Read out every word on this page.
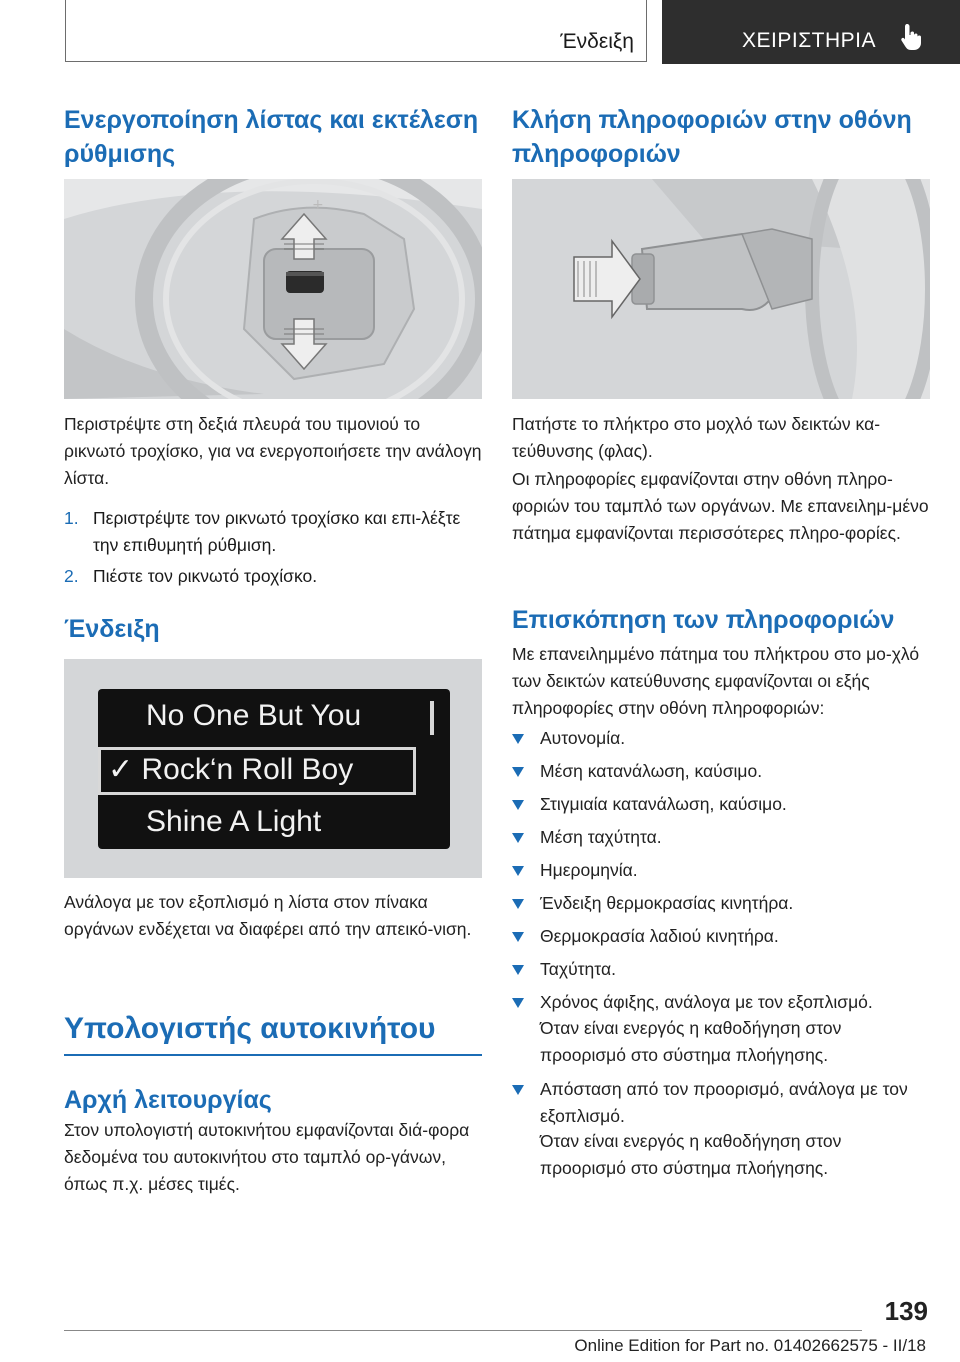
Ένδειξη	ΧΕΙΡΙΣΤΗΡΙΑ
Ενεργοποίηση λίστας και εκτέλεση ρύθμισης
+

Περιστρέψτε στη δεξιά πλευρά του τιμονιού το ρικνωτό τροχίσκο, για να ενεργοποιήσετε την ανάλογη λίστα.

1. Περιστρέψτε τον ρικνωτό τροχίσκο και επι‐λέξτε την επιθυμητή ρύθμιση.
2. Πιέστε τον ρικνωτό τροχίσκο.
Ένδειξη
No One But You
✓ Rock‘n Roll Boy
Shine A Light

Ανάλογα με τον εξοπλισμό η λίστα στον πίνακα οργάνων ενδέχεται να διαφέρει από την απεικό‐νιση.

Υπολογιστής αυτοκινήτου
Αρχή λειτουργίας

Στον υπολογιστή αυτοκινήτου εμφανίζονται διά‐φορα δεδομένα του αυτοκινήτου στο ταμπλό ορ‐γάνων, όπως π.χ. μέσες τιμές.

Κλήση πληροφοριών στην οθόνη πληροφοριών

Πατήστε το πλήκτρο στο μοχλό των δεικτών κα‐τεύθυνσης (φλας).

Οι πληροφορίες εμφανίζονται στην οθόνη πληρο‐φοριών του ταμπλό των οργάνων. Με επανειλημ‐μένο πάτημα εμφανίζονται περισσότερες πληρο‐φορίες.

Επισκόπηση των πληροφοριών

Με επανειλημμένο πάτημα του πλήκτρου στο μο‐χλό των δεικτών κατεύθυνσης εμφανίζονται οι εξής πληροφορίες στην οθόνη πληροφοριών:

Αυτονομία.
Μέση κατανάλωση, καύσιμο.
Στιγμιαία κατανάλωση, καύσιμο.
Μέση ταχύτητα.
Ημερομηνία.
Ένδειξη θερμοκρασίας κινητήρα.
Θερμοκρασία λαδιού κινητήρα.
Ταχύτητα.
Χρόνος άφιξης, ανάλογα με τον εξοπλισμό.
Όταν είναι ενεργός η καθοδήγηση στον προορισμό στο σύστημα πλοήγησης.
Απόσταση από τον προορισμό, ανάλογα με τον εξοπλισμό.
Όταν είναι ενεργός η καθοδήγηση στον προορισμό στο σύστημα πλοήγησης.
139
Online Edition for Part no. 01402662575 - II/18
